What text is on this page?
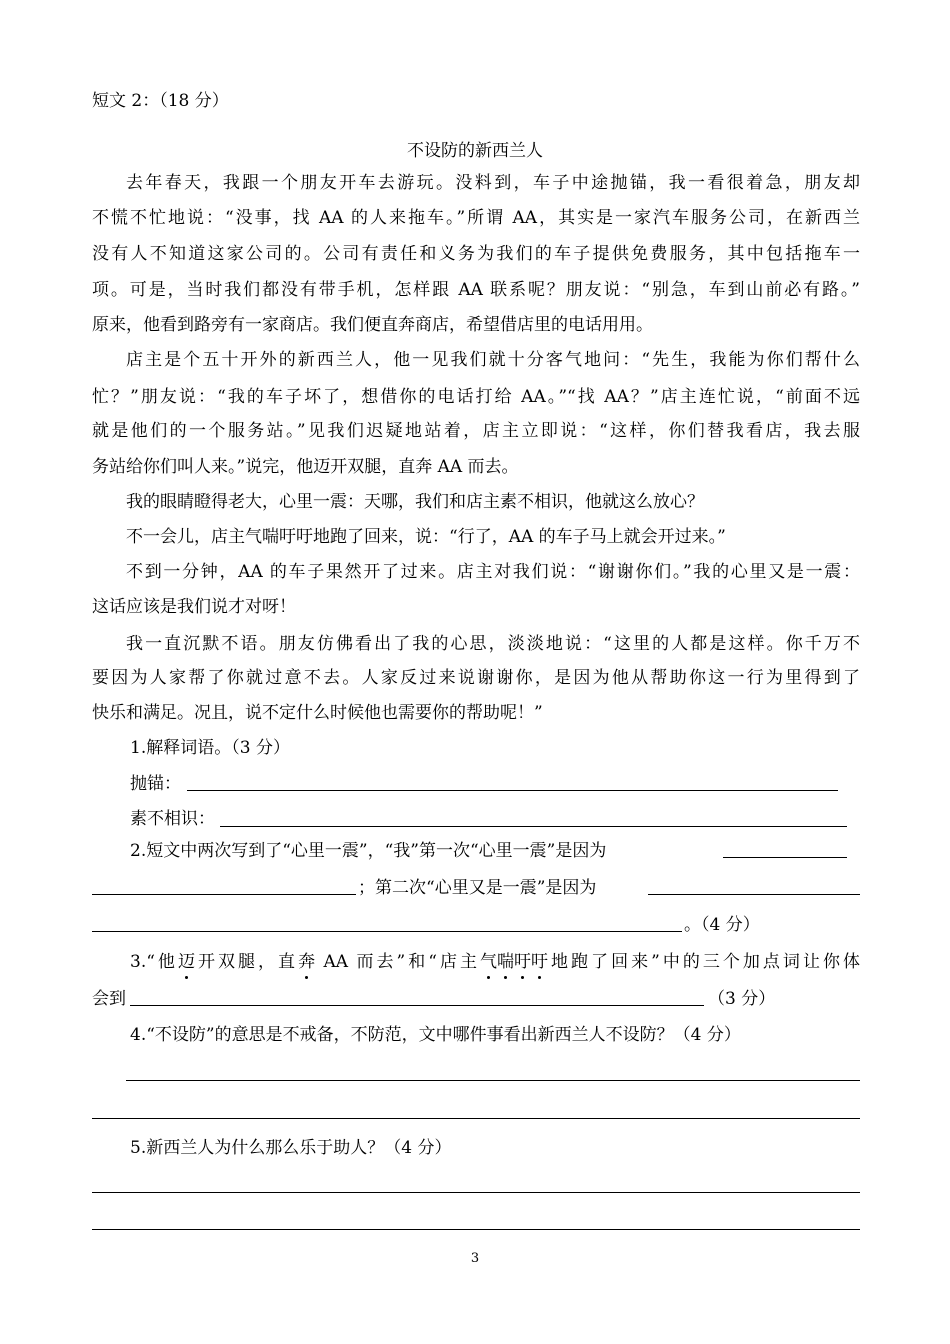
短文 2：（18 分）
不设防的新西兰人
去年春天，我跟一个朋友开车去游玩。没料到，车子中途抛锚，我一看很着急，朋友却
不慌不忙地说：“没事，找 AA 的人来拖车。”所谓 AA，其实是一家汽车服务公司，在新西兰
没有人不知道这家公司的。公司有责任和义务为我们的车子提供免费服务，其中包括拖车一
项。可是，当时我们都没有带手机，怎样跟 AA 联系呢？朋友说：“别急，车到山前必有路。”
原来，他看到路旁有一家商店。我们便直奔商店，希望借店里的电话用用。
店主是个五十开外的新西兰人，他一见我们就十分客气地问：“先生，我能为你们帮什么
忙？”朋友说：“我的车子坏了，想借你的电话打给 AA。”“找 AA？”店主连忙说，“前面不远
就是他们的一个服务站。”见我们迟疑地站着，店主立即说：“这样，你们替我看店，我去服
务站给你们叫人来。”说完，他迈开双腿，直奔 AA 而去。
我的眼睛瞪得老大，心里一震：天哪，我们和店主素不相识，他就这么放心？
不一会儿，店主气喘吁吁地跑了回来，说：“行了，AA 的车子马上就会开过来。”
不到一分钟，AA 的车子果然开了过来。店主对我们说：“谢谢你们。”我的心里又是一震：
这话应该是我们说才对呀！
我一直沉默不语。朋友仿佛看出了我的心思，淡淡地说：“这里的人都是这样。你千万不
要因为人家帮了你就过意不去。人家反过来说谢谢你，是因为他从帮助你这一行为里得到了
快乐和满足。况且，说不定什么时候他也需要你的帮助呢！”
1.解释词语。（3 分）
抛锚：
素不相识：
2.短文中两次写到了“心里一震”，“我”第一次“心里一震”是因为
；第二次“心里又是一震”是因为
。（4 分）
3.“他迈开双腿，直奔 AA 而去”和“店主气喘吁吁地跑了回来”中的三个加点词让你体
会到	（3 分）
4.“不设防”的意思是不戒备，不防范，文中哪件事看出新西兰人不设防？（4 分）
5.新西兰人为什么那么乐于助人？（4 分）
3
